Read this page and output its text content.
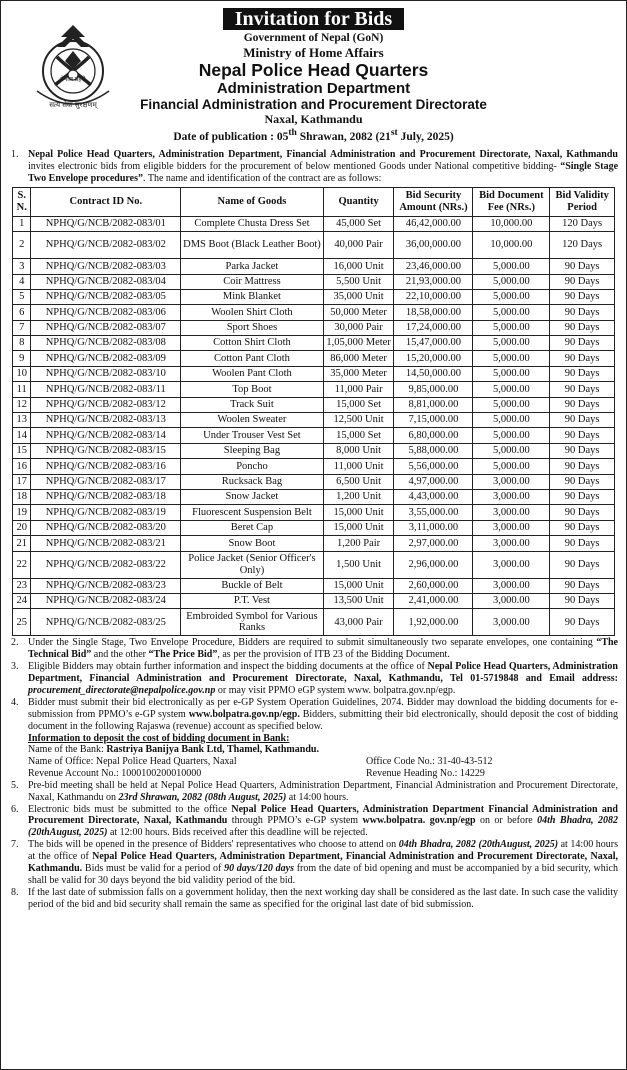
नेपाल प्रहरी
सत्य सेवा सुरक्षणम्
Invitation for Bids
Government of Nepal (GoN)
Ministry of Home Affairs
Nepal Police Head Quarters
Administration Department
Financial Administration and Procurement Directorate
Naxal, Kathmandu
Date of publication : 05th Shrawan, 2082 (21st July, 2025)
1. Nepal Police Head Quarters, Administration Department, Financial Administration and Procurement Directorate, Naxal, Kathmandu invites electronic bids from eligible bidders for the procurement of below mentioned Goods under National competitive bidding- “Single Stage Two Envelope procedures”. The name and identification of the contract are as follows:
S. N.	Contract ID No.	Name of Goods	Quantity	Bid Security Amount (NRs.)	Bid Document Fee (NRs.)	Bid Validity Period
1	NPHQ/G/NCB/2082-083/01	Complete Chusta Dress Set	45,000 Set	46,42,000.00	10,000.00	120 Days
2	NPHQ/G/NCB/2082-083/02	DMS Boot (Black Leather Boot)	40,000 Pair	36,00,000.00	10,000.00	120 Days
3	NPHQ/G/NCB/2082-083/03	Parka Jacket	16,000 Unit	23,46,000.00	5,000.00	90 Days
4	NPHQ/G/NCB/2082-083/04	Coir Mattress	5,500 Unit	21,93,000.00	5,000.00	90 Days
5	NPHQ/G/NCB/2082-083/05	Mink Blanket	35,000 Unit	22,10,000.00	5,000.00	90 Days
6	NPHQ/G/NCB/2082-083/06	Woolen Shirt Cloth	50,000 Meter	18,58,000.00	5,000.00	90 Days
7	NPHQ/G/NCB/2082-083/07	Sport Shoes	30,000 Pair	17,24,000.00	5,000.00	90 Days
8	NPHQ/G/NCB/2082-083/08	Cotton Shirt Cloth	1,05,000 Meter	15,47,000.00	5,000.00	90 Days
9	NPHQ/G/NCB/2082-083/09	Cotton Pant Cloth	86,000 Meter	15,20,000.00	5,000.00	90 Days
10	NPHQ/G/NCB/2082-083/10	Woolen Pant Cloth	35,000 Meter	14,50,000.00	5,000.00	90 Days
11	NPHQ/G/NCB/2082-083/11	Top Boot	11,000 Pair	9,85,000.00	5,000.00	90 Days
12	NPHQ/G/NCB/2082-083/12	Track Suit	15,000 Set	8,81,000.00	5,000.00	90 Days
13	NPHQ/G/NCB/2082-083/13	Woolen Sweater	12,500 Unit	7,15,000.00	5,000.00	90 Days
14	NPHQ/G/NCB/2082-083/14	Under Trouser Vest Set	15,000 Set	6,80,000.00	5,000.00	90 Days
15	NPHQ/G/NCB/2082-083/15	Sleeping Bag	8,000 Unit	5,88,000.00	5,000.00	90 Days
16	NPHQ/G/NCB/2082-083/16	Poncho	11,000 Unit	5,56,000.00	5,000.00	90 Days
17	NPHQ/G/NCB/2082-083/17	Rucksack Bag	6,500 Unit	4,97,000.00	3,000.00	90 Days
18	NPHQ/G/NCB/2082-083/18	Snow Jacket	1,200 Unit	4,43,000.00	3,000.00	90 Days
19	NPHQ/G/NCB/2082-083/19	Fluorescent Suspension Belt	15,000 Unit	3,55,000.00	3,000.00	90 Days
20	NPHQ/G/NCB/2082-083/20	Beret Cap	15,000 Unit	3,11,000.00	3,000.00	90 Days
21	NPHQ/G/NCB/2082-083/21	Snow Boot	1,200 Pair	2,97,000.00	3,000.00	90 Days
22	NPHQ/G/NCB/2082-083/22	Police Jacket (Senior Officer's Only)	1,500 Unit	2,96,000.00	3,000.00	90 Days
23	NPHQ/G/NCB/2082-083/23	Buckle of Belt	15,000 Unit	2,60,000.00	3,000.00	90 Days
24	NPHQ/G/NCB/2082-083/24	P.T. Vest	13,500 Unit	2,41,000.00	3,000.00	90 Days
25	NPHQ/G/NCB/2082-083/25	Embroided Symbol for Various Ranks	43,000 Pair	1,92,000.00	3,000.00	90 Days
2. Under the Single Stage, Two Envelope Procedure, Bidders are required to submit simultaneously two separate envelopes, one containing “The Technical Bid” and the other “The Price Bid”, as per the provision of ITB 23 of the Bidding Document.
3. Eligible Bidders may obtain further information and inspect the bidding documents at the office of Nepal Police Head Quarters, Administration Department, Financial Administration and Procurement Directorate, Naxal, Kathmandu, Tel 01-5719848 and Email address: procurement_directorate@nepalpolice.gov.np or may visit PPMO eGP system www. bolpatra.gov.np/egp.
4. Bidder must submit their bid electronically as per e-GP System Operation Guidelines, 2074. Bidder may download the bidding documents for e-submission from PPMO’s e-GP system www.bolpatra.gov.np/egp. Bidders, submitting their bid electronically, should deposit the cost of bidding document in the following Rajaswa (revenue) account as specified below.
Information to deposit the cost of bidding document in Bank:
Name of the Bank: Rastriya Banijya Bank Ltd, Thamel, Kathmandu.
Name of Office: Nepal Police Head Quarters, Naxal	Office Code No.: 31-40-43-512
Revenue Account No.: 1000100200010000	Revenue Heading No.: 14229
5. Pre-bid meeting shall be held at Nepal Police Head Quarters, Administration Department, Financial Administration and Procurement Directorate, Naxal, Kathmandu on 23rd Shrawan, 2082 (08th August, 2025) at 14:00 hours.
6. Electronic bids must be submitted to the office Nepal Police Head Quarters, Administration Department Financial Administration and Procurement Directorate, Naxal, Kathmandu through PPMO’s e-GP system www.bolpatra. gov.np/egp on or before 04th Bhadra, 2082 (20thAugust, 2025) at 12:00 hours. Bids received after this deadline will be rejected.
7. The bids will be opened in the presence of Bidders' representatives who choose to attend on 04th Bhadra, 2082 (20thAugust, 2025) at 14:00 hours at the office of Nepal Police Head Quarters, Administration Department, Financial Administration and Procurement Directorate, Naxal, Kathmandu. Bids must be valid for a period of 90 days/120 days from the date of bid opening and must be accompanied by a bid security, which shall be valid for 30 days beyond the bid validity period of the bid.
8. If the last date of submission falls on a government holiday, then the next working day shall be considered as the last date. In such case the validity period of the bid and bid security shall remain the same as specified for the original last date of bid submission.
